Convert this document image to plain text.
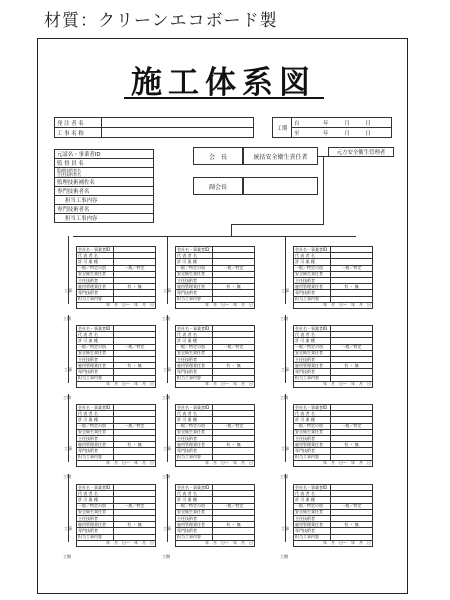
材質：クリーンエコボード製
施工体系図
発 注 者 名	
工 事 名 称	
工期	自	年	月	日
至	年	月	日
元請名・事業者ID
監 督 員 名
監理技術者名
主任技術者名
監理技術補佐名
専門技術者名
担当工事内容
専門技術者名
担当工事内容
会　長	統括安全衛生責任者
副会長
元方安全衛生管理者
会社名・事業者ID	
代 表 者 名	
許 可 業 種	
一般／特定の別	一般／特定
安全衛生責任者	
主任技術者	
雇用管理責任者	有 ・ 無
専門技術者	
担当工事内容	
年　月　日〜　年　月　日	
工事
工期
会社名・事業者ID	
代 表 者 名	
許 可 業 種	
一般／特定の別	一般／特定
安全衛生責任者	
主任技術者	
雇用管理責任者	有 ・ 無
専門技術者	
担当工事内容	
年　月　日〜　年　月　日	
工事
工期
会社名・事業者ID	
代 表 者 名	
許 可 業 種	
一般／特定の別	一般／特定
安全衛生責任者	
主任技術者	
雇用管理責任者	有 ・ 無
専門技術者	
担当工事内容	
年　月　日〜　年　月　日	
工事
工期
会社名・事業者ID	
代 表 者 名	
許 可 業 種	
一般／特定の別	一般／特定
安全衛生責任者	
主任技術者	
雇用管理責任者	有 ・ 無
専門技術者	
担当工事内容	
年　月　日〜　年　月　日	
工事
工期
会社名・事業者ID	
代 表 者 名	
許 可 業 種	
一般／特定の別	一般／特定
安全衛生責任者	
主任技術者	
雇用管理責任者	有 ・ 無
専門技術者	
担当工事内容	
年　月　日〜　年　月　日	
工事
工期
会社名・事業者ID	
代 表 者 名	
許 可 業 種	
一般／特定の別	一般／特定
安全衛生責任者	
主任技術者	
雇用管理責任者	有 ・ 無
専門技術者	
担当工事内容	
年　月　日〜　年　月　日	
工事
工期
会社名・事業者ID	
代 表 者 名	
許 可 業 種	
一般／特定の別	一般／特定
安全衛生責任者	
主任技術者	
雇用管理責任者	有 ・ 無
専門技術者	
担当工事内容	
年　月　日〜　年　月　日	
工事
工期
会社名・事業者ID	
代 表 者 名	
許 可 業 種	
一般／特定の別	一般／特定
安全衛生責任者	
主任技術者	
雇用管理責任者	有 ・ 無
専門技術者	
担当工事内容	
年　月　日〜　年　月　日	
工事
工期
会社名・事業者ID	
代 表 者 名	
許 可 業 種	
一般／特定の別	一般／特定
安全衛生責任者	
主任技術者	
雇用管理責任者	有 ・ 無
専門技術者	
担当工事内容	
年　月　日〜　年　月　日	
工事
工期
会社名・事業者ID	
代 表 者 名	
許 可 業 種	
一般／特定の別	一般／特定
安全衛生責任者	
主任技術者	
雇用管理責任者	有 ・ 無
専門技術者	
担当工事内容	
年　月　日〜　年　月　日	
工事
工期
会社名・事業者ID	
代 表 者 名	
許 可 業 種	
一般／特定の別	一般／特定
安全衛生責任者	
主任技術者	
雇用管理責任者	有 ・ 無
専門技術者	
担当工事内容	
年　月　日〜　年　月　日	
工事
工期
会社名・事業者ID	
代 表 者 名	
許 可 業 種	
一般／特定の別	一般／特定
安全衛生責任者	
主任技術者	
雇用管理責任者	有 ・ 無
専門技術者	
担当工事内容	
年　月　日〜　年　月　日	
工事
工期
